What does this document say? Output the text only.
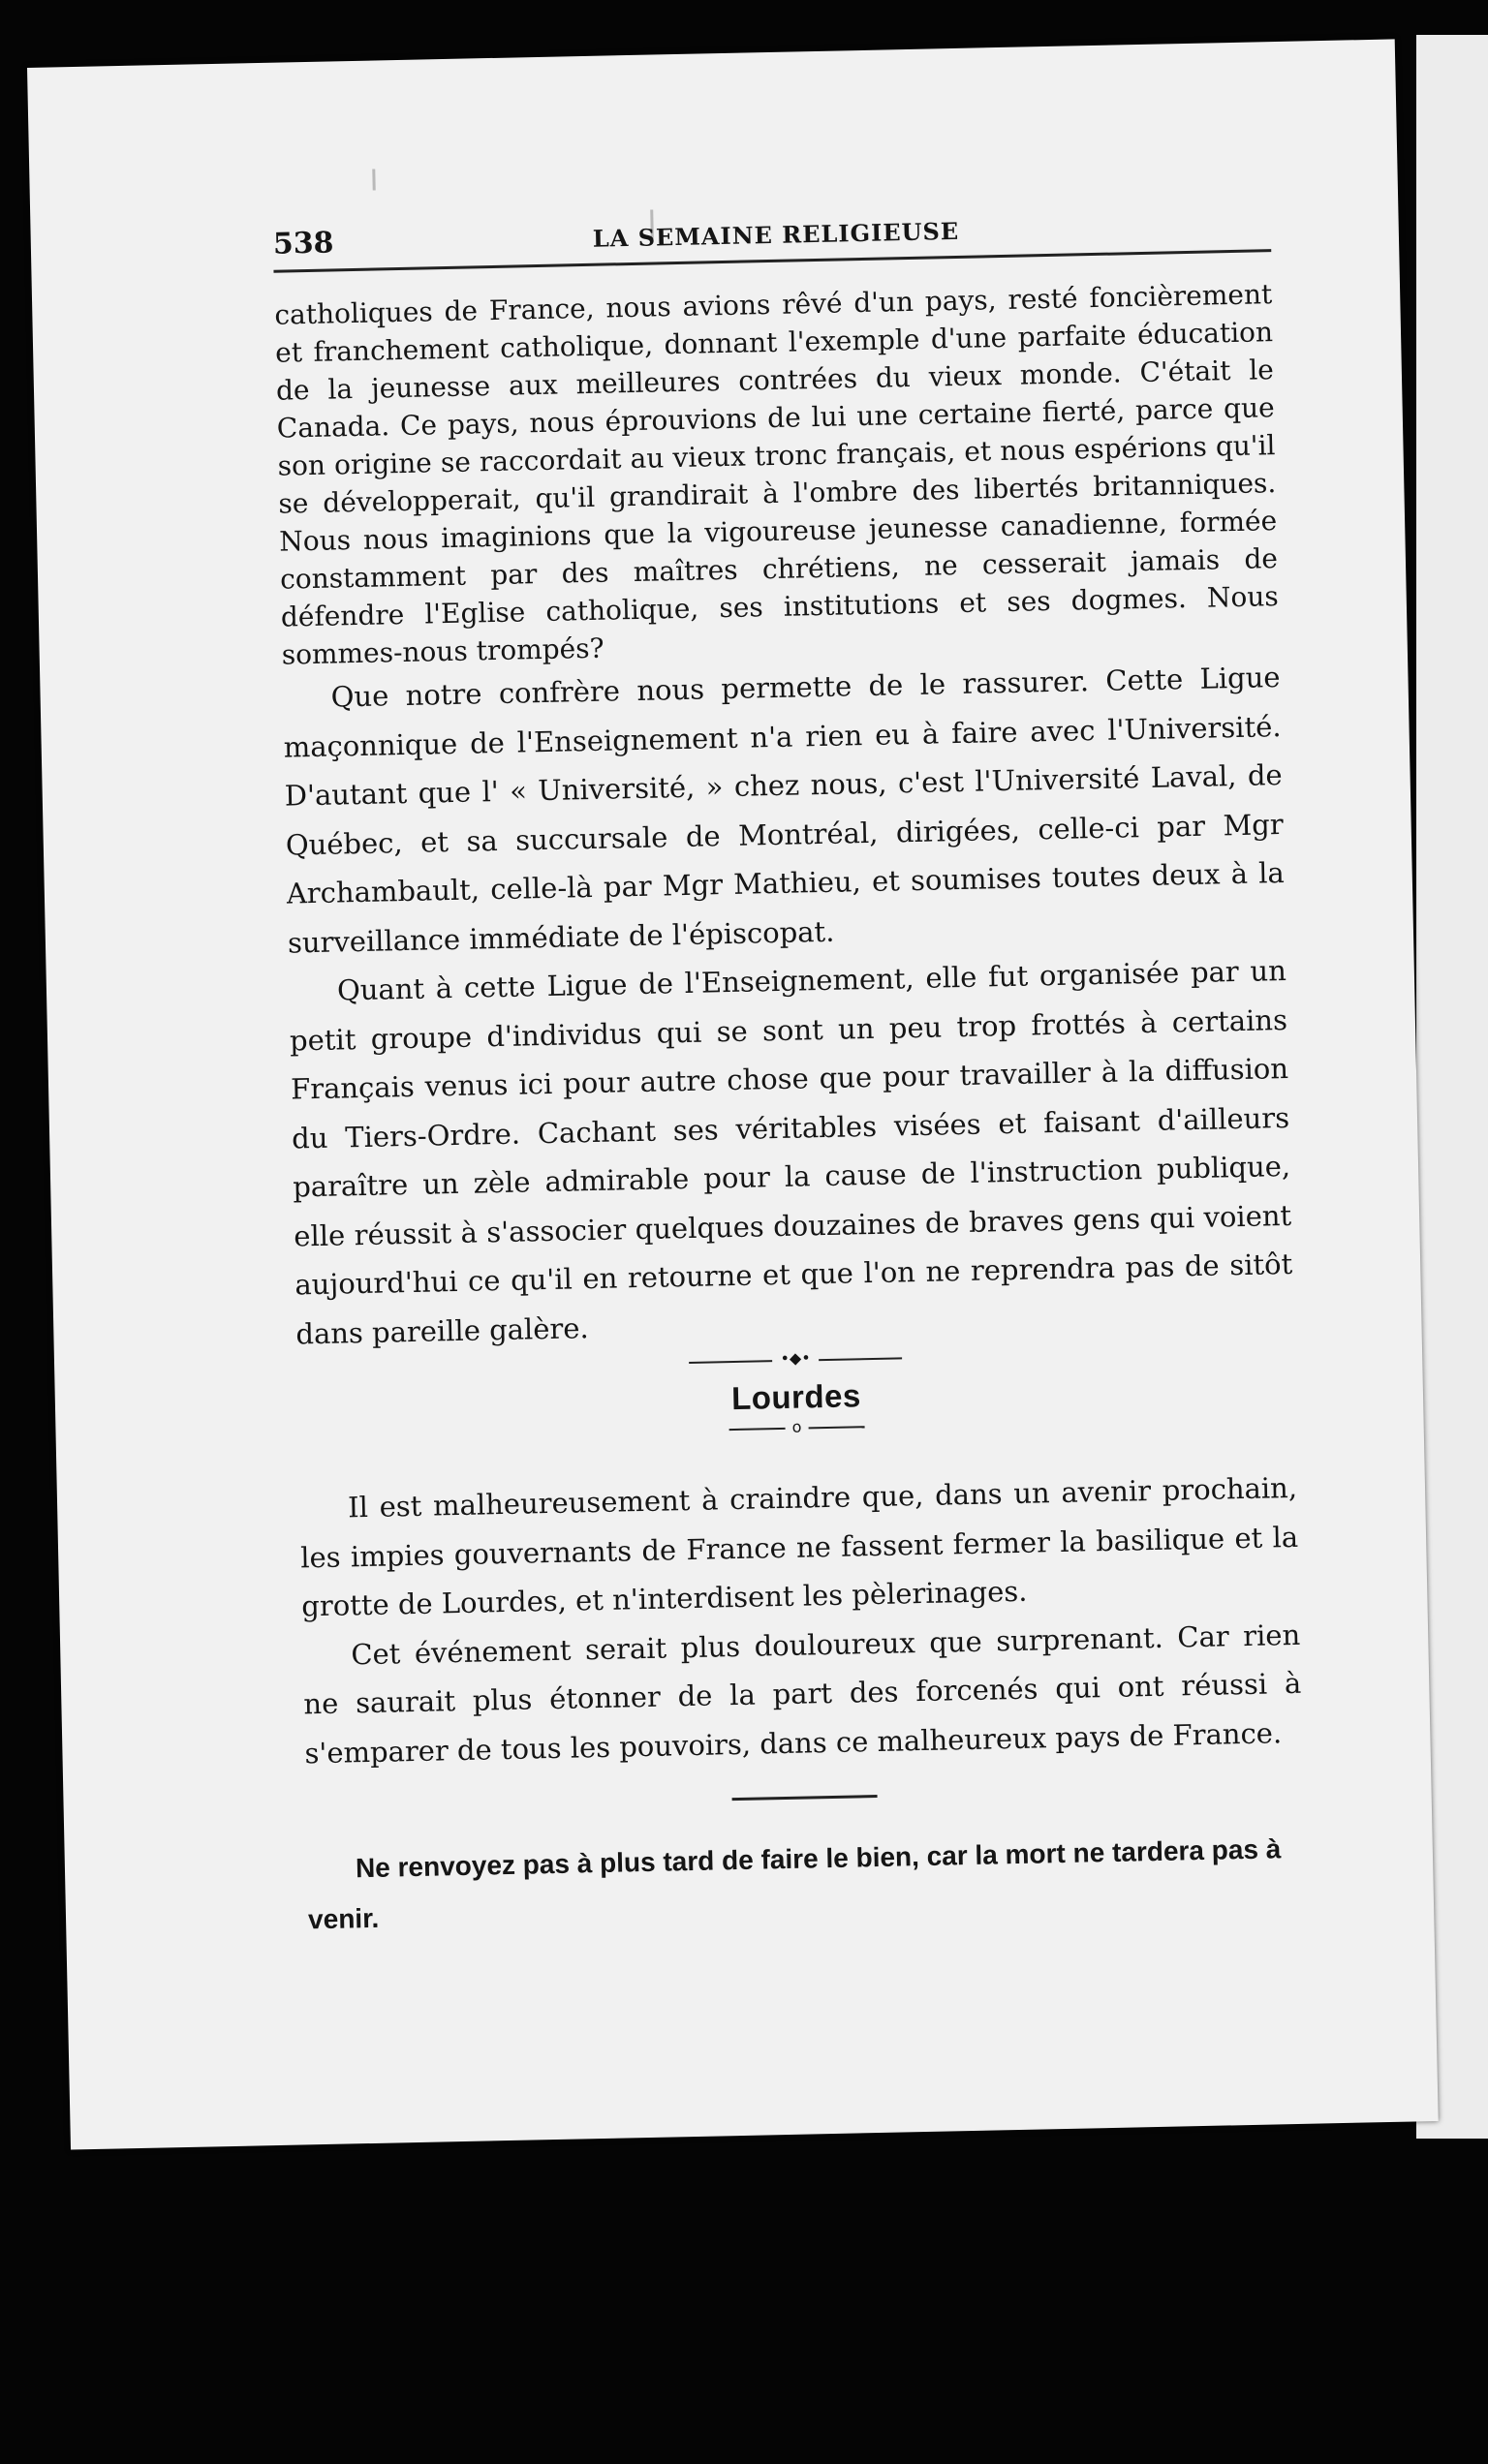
538	LA SEMAINE RELIGIEUSE

catholiques de France, nous avions rêvé d'un pays, resté foncièrement et franchement catholique, donnant l'exemple d'une parfaite éducation de la jeunesse aux meilleures contrées du vieux monde. C'était le Canada. Ce pays, nous éprouvions de lui une certaine fierté, parce que son origine se raccordait au vieux tronc français, et nous espérions qu'il se développerait, qu'il grandirait à l'ombre des libertés britanniques. Nous nous imaginions que la vigoureuse jeunesse canadienne, formée constamment par des maîtres chrétiens, ne cesserait jamais de défendre l'Eglise catholique, ses institutions et ses dogmes. Nous sommes-nous trompés?

Que notre confrère nous permette de le rassurer. Cette Ligue maçonnique de l'Enseignement n'a rien eu à faire avec l'Université. D'autant que l' « Université, » chez nous, c'est l'Université Laval, de Québec, et sa succursale de Montréal, dirigées, celle-ci par Mgr Archambault, celle-là par Mgr Mathieu, et soumises toutes deux à la surveillance immédiate de l'épiscopat.

Quant à cette Ligue de l'Enseignement, elle fut organisée par un petit groupe d'individus qui se sont un peu trop frottés à certains Français venus ici pour autre chose que pour travailler à la diffusion du Tiers-Ordre. Cachant ses véritables visées et faisant d'ailleurs paraître un zèle admirable pour la cause de l'instruction publique, elle réussit à s'associer quelques douzaines de braves gens qui voient aujourd'hui ce qu'il en retourne et que l'on ne reprendra pas de sitôt dans pareille galère.

•◆•
Lourdes
o

Il est malheureusement à craindre que, dans un avenir prochain, les impies gouvernants de France ne fassent fermer la basilique et la grotte de Lourdes, et n'interdisent les pèlerinages.

Cet événement serait plus douloureux que surprenant. Car rien ne saurait plus étonner de la part des forcenés qui ont réussi à s'emparer de tous les pouvoirs, dans ce malheureux pays de France.

Ne renvoyez pas à plus tard de faire le bien, car la mort ne tardera pas à venir.
